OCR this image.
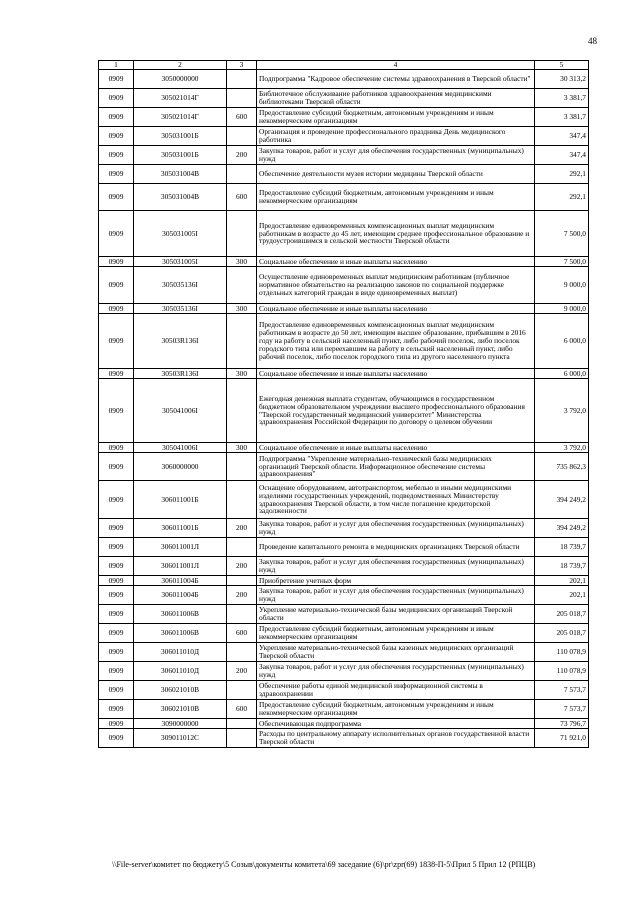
48
1	2	3	4	5
0909	3050000000		Подпрограмма "Кадровое обеспечение системы здравоохранения в Тверской области"	30 313,2
0909	305021014Г		Библиотечное обслуживание работников здравоохранения медицинскими библиотеками Тверской области	3 381,7
0909	305021014Г	600	Предоставление субсидий бюджетным, автономным учреждениям и иным некоммерческим организациям	3 381,7
0909	305031001Б		Организация и проведение профессионального праздника День медицинского работника	347,4
0909	305031001Б	200	Закупка товаров, работ и услуг для обеспечения государственных (муниципальных) нужд	347,4
0909	305031004В		Обеспечение деятельности музея истории медицины Тверской области	292,1
0909	305031004В	600	Предоставление субсидий бюджетным, автономным учреждениям и иным некоммерческим организациям	292,1
0909	305031005I		Предоставление единовременных компенсационных выплат медицинским работникам в возрасте до 45 лет, имеющим среднее профессиональное образование и трудоустроившимся в сельской местности Тверской области	7 500,0
0909	305031005I	300	Социальное обеспечение и иные выплаты населению	7 500,0
0909	305035136I		Осуществление единовременных выплат медицинским работникам (публичное нормативное обязательство на реализацию законов по социальной поддержке отдельных категорий граждан в виде единовременных выплат)	9 000,0
0909	305035136I	300	Социальное обеспечение и иные выплаты населению	9 000,0
0909	30503R136I		Предоставление единовременных компенсационных выплат медицинским работникам в возрасте до 50 лет, имеющим высшее образование, прибывшим в 2016 году на работу в сельский населенный пункт, либо рабочий поселок, либо поселок городского типа или переехавшим на работу в сельский населенный пункт, либо рабочий поселок, либо поселок городского типа из другого населенного пункта	6 000,0
0909	30503R136I	300	Социальное обеспечение и иные выплаты населению	6 000,0
0909	305041006I		Ежегодная денежная выплата студентам, обучающимся в государственном бюджетном образовательном учреждении высшего профессионального образования "Тверской государственный медицинский университет" Министерства здравоохранения Российской Федерации по договору о целевом обучении	3 792,0
0909	305041006I	300	Социальное обеспечение и иные выплаты населению	3 792,0
0909	3060000000		Подпрограмма "Укрепление материально-технической базы медицинских организаций Тверской области. Информационное обеспечение системы здравоохранения"	735 862,3
0909	306011001Б		Оснащение оборудованием, автотранспортом, мебелью и иными медицинскими изделиями государственных учреждений, подведомственных Министерству здравоохранения Тверской области, в том числе погашение кредиторской задолженности	394 249,2
0909	306011001Б	200	Закупка товаров, работ и услуг для обеспечения государственных (муниципальных) нужд	394 249,2
0909	306011001Л		Проведение капитального ремонта в медицинских организациях Тверской области	18 739,7
0909	306011001Л	200	Закупка товаров, работ и услуг для обеспечения государственных (муниципальных) нужд	18 739,7
0909	306011004Б		Приобретение учетных форм	202,1
0909	306011004Б	200	Закупка товаров, работ и услуг для обеспечения государственных (муниципальных) нужд	202,1
0909	306011006В		Укрепление материально-технической базы медицинских организаций Тверской области	205 018,7
0909	306011006В	600	Предоставление субсидий бюджетным, автономным учреждениям и иным некоммерческим организациям	205 018,7
0909	306011010Д		Укрепление материально-технической базы казенных медицинских организаций Тверской области	110 078,9
0909	306011010Д	200	Закупка товаров, работ и услуг для обеспечения государственных (муниципальных) нужд	110 078,9
0909	306021010В		Обеспечение работы единой медицинской информационной системы в здравоохранении	7 573,7
0909	306021010В	600	Предоставление субсидий бюджетным, автономным учреждениям и иным некоммерческим организациям	7 573,7
0909	3090000000		Обеспечивающая подпрограмма	73 796,7
0909	309011012С		Расходы по центральному аппарату исполнительных органов государственной власти Тверской области	71 921,0
\\File-server\комитет по бюджету\5 Созыв\документы комитета\69 заседание (6)\pr\zpr(69) 1838-П-5\Прил 5 Прил 12 (РПЦВ)
